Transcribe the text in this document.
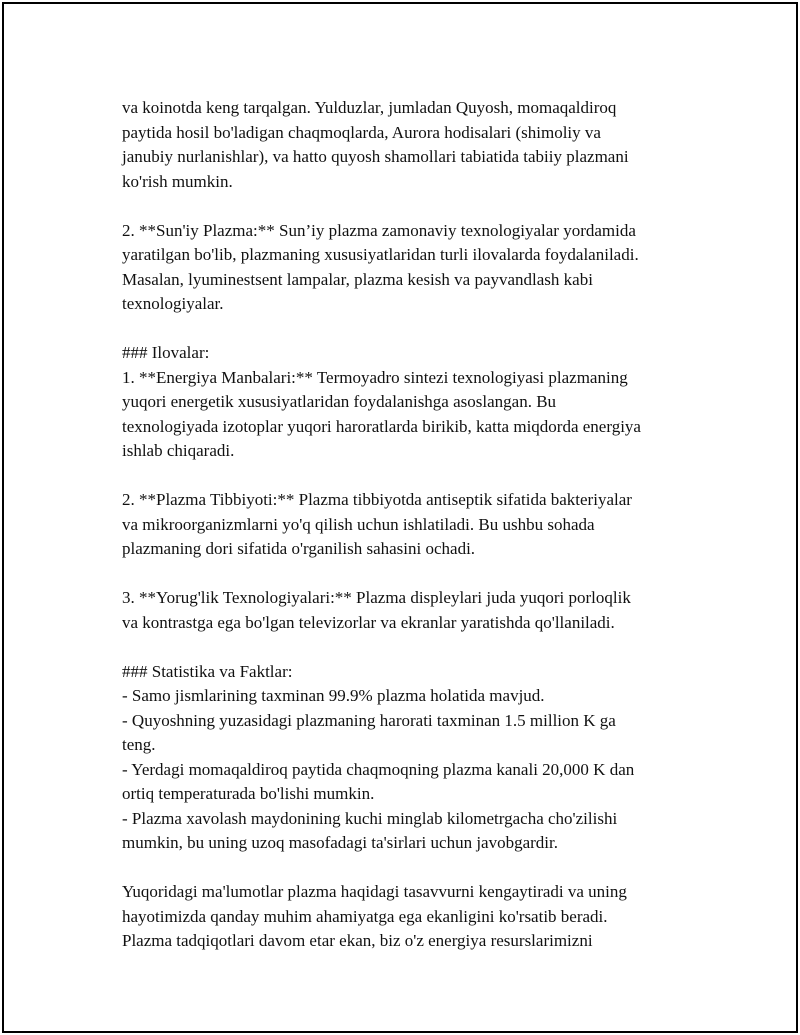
va koinotda keng tarqalgan. Yulduzlar, jumladan Quyosh, momaqaldiroq
paytida hosil bo'ladigan chaqmoqlarda, Aurora hodisalari (shimoliy va
janubiy nurlanishlar), va hatto quyosh shamollari tabiatida tabiiy plazmani
ko'rish mumkin.
2. **Sun'iy Plazma:** Sun’iy plazma zamonaviy texnologiyalar yordamida
yaratilgan bo'lib, plazmaning xususiyatlaridan turli ilovalarda foydalaniladi.
Masalan, lyuminestsent lampalar, plazma kesish va payvandlash kabi
texnologiyalar.
### Ilovalar:
1. **Energiya Manbalari:** Termoyadro sintezi texnologiyasi plazmaning
yuqori energetik xususiyatlaridan foydalanishga asoslangan. Bu
texnologiyada izotoplar yuqori haroratlarda birikib, katta miqdorda energiya
ishlab chiqaradi.
2. **Plazma Tibbiyoti:** Plazma tibbiyotda antiseptik sifatida bakteriyalar
va mikroorganizmlarni yo'q qilish uchun ishlatiladi. Bu ushbu sohada
plazmaning dori sifatida o'rganilish sahasini ochadi.
3. **Yorug'lik Texnologiyalari:** Plazma displeylari juda yuqori porloqlik
va kontrastga ega bo'lgan televizorlar va ekranlar yaratishda qo'llaniladi.
### Statistika va Faktlar:
- Samo jismlarining taxminan 99.9% plazma holatida mavjud.
- Quyoshning yuzasidagi plazmaning harorati taxminan 1.5 million K ga
teng.
- Yerdagi momaqaldiroq paytida chaqmoqning plazma kanali 20,000 K dan
ortiq temperaturada bo'lishi mumkin.
- Plazma xavolash maydonining kuchi minglab kilometrgacha cho'zilishi
mumkin, bu uning uzoq masofadagi ta'sirlari uchun javobgardir.
Yuqoridagi ma'lumotlar plazma haqidagi tasavvurni kengaytiradi va uning
hayotimizda qanday muhim ahamiyatga ega ekanligini ko'rsatib beradi.
Plazma tadqiqotlari davom etar ekan, biz o'z energiya resurslarimizni
